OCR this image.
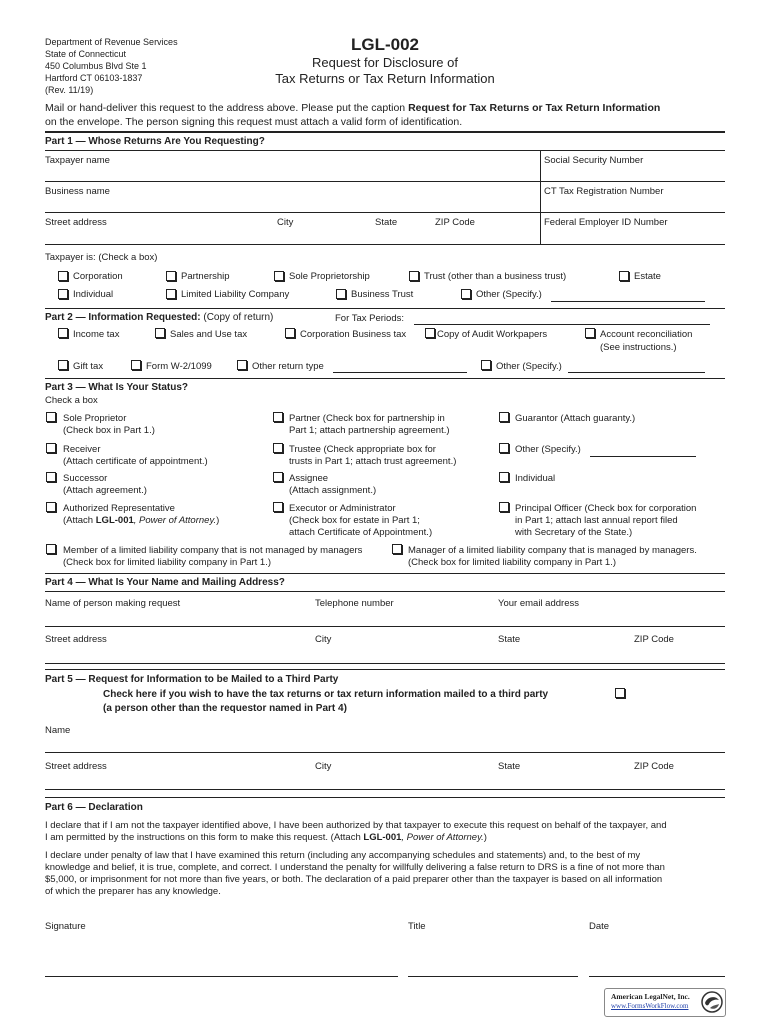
Department of Revenue Services
State of Connecticut
450 Columbus Blvd Ste 1
Hartford CT 06103-1837
(Rev. 11/19)
LGL-002
Request for Disclosure of
Tax Returns or Tax Return Information
Mail or hand-deliver this request to the address above. Please put the caption Request for Tax Returns or Tax Return Information
on the envelope. The person signing this request must attach a valid form of identification.
Part 1 — Whose Returns Are You Requesting?
Taxpayer name	Social Security Number
Business name	CT Tax Registration Number
Street address	City	State	ZIP Code	Federal Employer ID Number
Taxpayer is: (Check a box)
Corporation	Partnership	Sole Proprietorship	Trust (other than a business trust)	Estate
Individual	Limited Liability Company	Business Trust	Other (Specify.)
Part 2 — Information Requested: (Copy of return)	For Tax Periods:
Income tax	Sales and Use tax	Corporation Business tax	Copy of Audit Workpapers	Account reconciliation
(See instructions.)
Gift tax	Form W-2/1099	Other return type	Other (Specify.)
Part 3 — What Is Your Status?
Check a box
Sole Proprietor
(Check box in Part 1.)
Partner (Check box for partnership in
Part 1; attach partnership agreement.)
Guarantor (Attach guaranty.)
Receiver
(Attach certificate of appointment.)
Trustee (Check appropriate box for
trusts in Part 1; attach trust agreement.)
Other (Specify.)
Successor
(Attach agreement.)
Assignee
(Attach assignment.)
Individual
Authorized Representative
(Attach LGL-001, Power of Attorney.)
Executor or Administrator
(Check box for estate in Part 1;
attach Certificate of Appointment.)
Principal Officer (Check box for corporation
in Part 1; attach last annual report filed
with Secretary of the State.)
Member of a limited liability company that is not managed by managers
(Check box for limited liability company in Part 1.)
Manager of a limited liability company that is managed by managers.
(Check box for limited liability company in Part 1.)
Part 4 — What Is Your Name and Mailing Address?
Name of person making request	Telephone number	Your email address
Street address	City	State	ZIP Code
Part 5 — Request for Information to be Mailed to a Third Party
Check here if you wish to have the tax returns or tax return information mailed to a third party
(a person other than the requestor named in Part 4)
Name
Street address	City	State	ZIP Code
Part 6 — Declaration
I declare that if I am not the taxpayer identified above, I have been authorized by that taxpayer to execute this request on behalf of the taxpayer, and
I am permitted by the instructions on this form to make this request. (Attach LGL-001, Power of Attorney.)
I declare under penalty of law that I have examined this return (including any accompanying schedules and statements) and, to the best of my
knowledge and belief, it is true, complete, and correct. I understand the penalty for willfully delivering a false return to DRS is a fine of not more than
$5,000, or imprisonment for not more than five years, or both. The declaration of a paid preparer other than the taxpayer is based on all information
of which the preparer has any knowledge.
Signature	Title	Date
American LegalNet, Inc.
www.FormsWorkFlow.com
